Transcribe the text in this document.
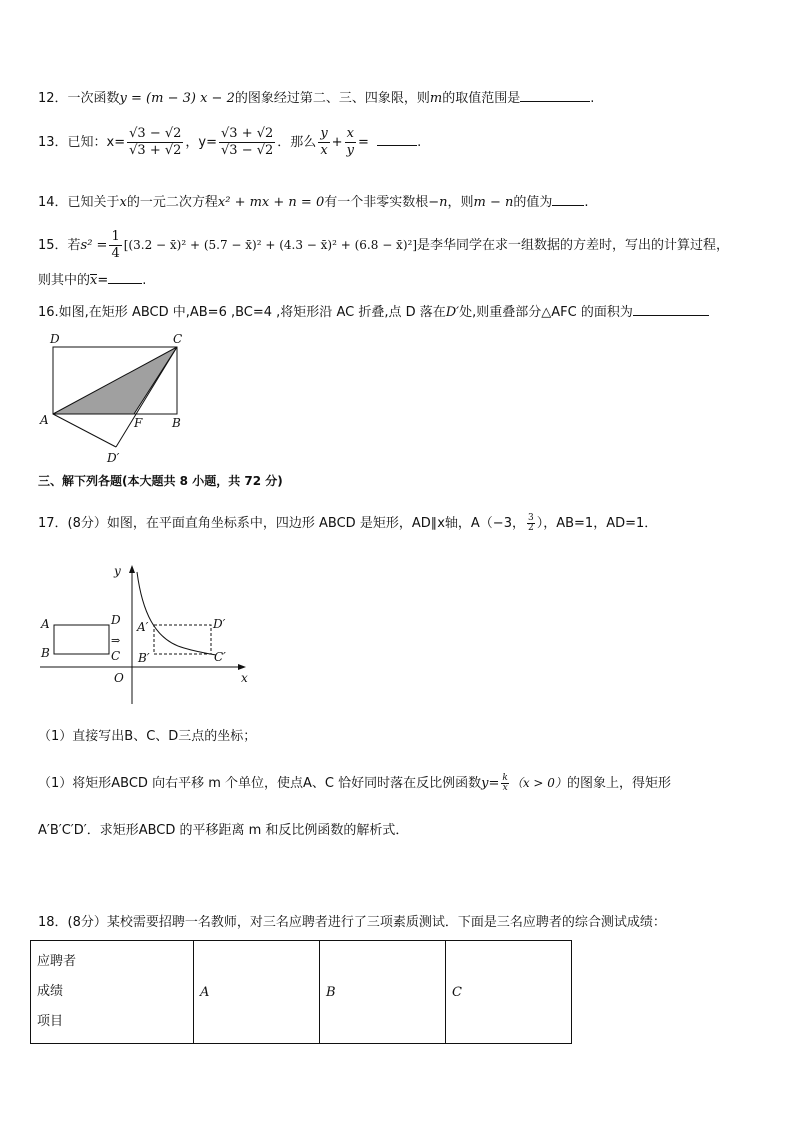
12．一次函数y = (m − 3) x − 2的图象经过第二、三、四象限，则m的取值范围是	.
13．已知：$x= \frac{√3 - √2}{√3 + √2}$ ，$y= \frac{√3 + √2}{√3 - √2}$ ．那么 $\frac{y}{x} + \frac{x}{y}$ =	.
14．已知关于x的一元二次方程x² + mx + n = 0有一个非零实数根−n，则m − n的值为 .
15．若$s^2 = \frac{1}{4} [(3.2$ − x̄)² + (5.7 − x̄)² + (4.3 − x̄)² + (6.8 − x̄)²]是李华同学在求一组数据的方差时，写出的计算过程，
则其中的x=	.
16.如图,在矩形 ABCD 中,AB=6 ,BC=4 ,将矩形沿 AC 折叠,点 D 落在D′处,则重叠部分△AFC 的面积为
D	C
A	F B
D′
三、解下列各题(本大题共 8 小题，共 72 分)
17．(8分）如图，在平面直角坐标系中，四边形 ABCD 是矩形，AD∥x轴，A（−3， $\frac{3}{2}$ ），AB=1，AD=1．
y
x
O
A
B
D
C
⇒
A′
B′
D′
C′
（1）直接写出B、C、D三点的坐标；
（1）将矩形ABCD 向右平移 m 个单位，使点A、C 恰好同时落在反比例函数$y= \frac{k}{x} (x > 0)$的图象上，得矩形
A′B′C′D′．求矩形ABCD 的平移距离 m 和反比例函数的解析式．
18．(8分）某校需要招聘一名教师，对三名应聘者进行了三项素质测试．下面是三名应聘者的综合测试成绩：
应聘者
成绩
项目
	A	B	C
